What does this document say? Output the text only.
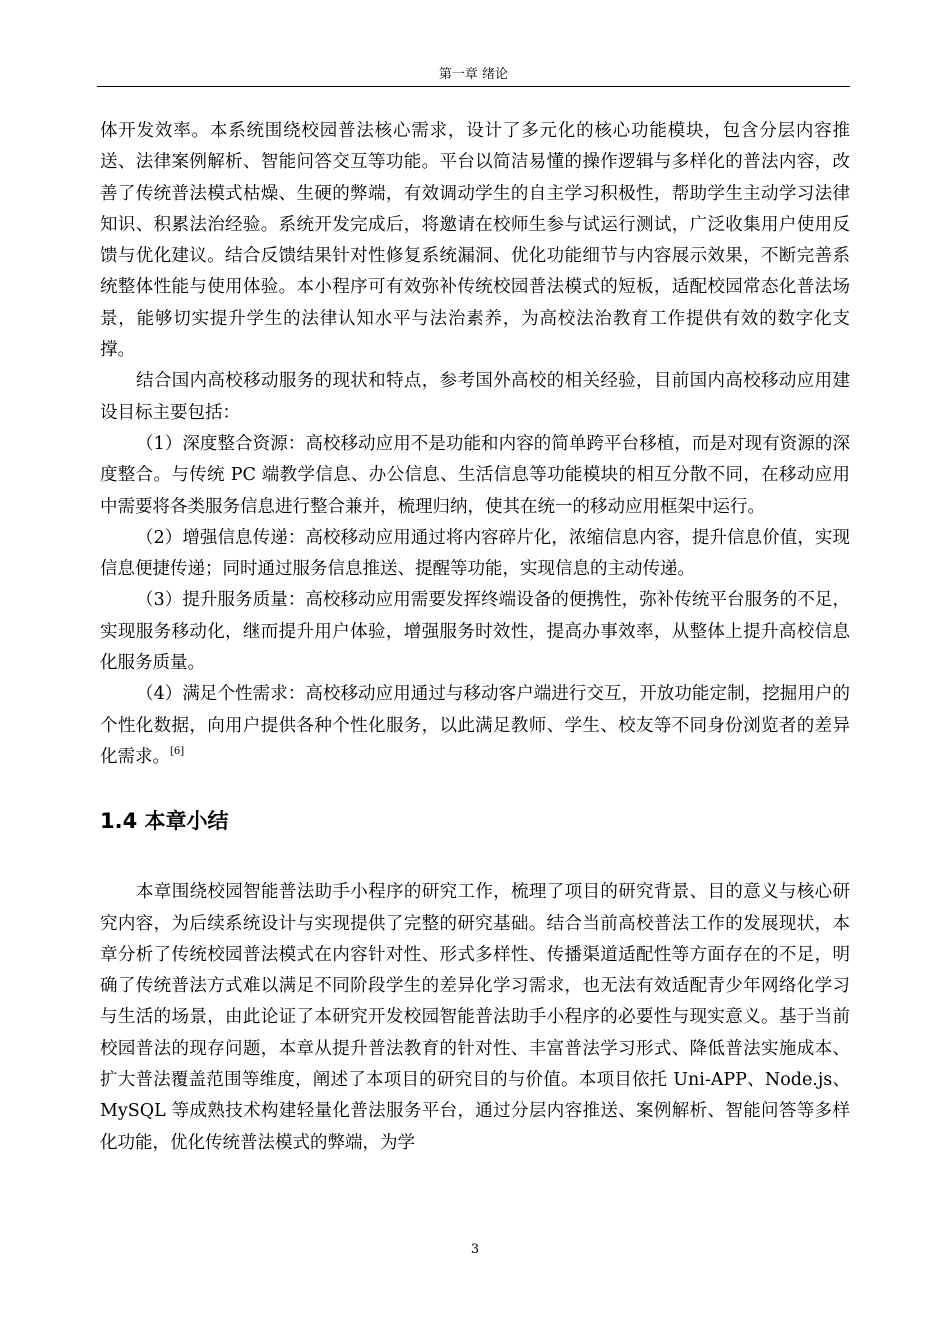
第一章 绪论

体开发效率。本系统围绕校园普法核心需求，设计了多元化的核心功能模块，包含分层内容推送、法律案例解析、智能问答交互等功能。平台以简洁易懂的操作逻辑与多样化的普法内容，改善了传统普法模式枯燥、生硬的弊端，有效调动学生的自主学习积极性，帮助学生主动学习法律知识、积累法治经验。系统开发完成后，将邀请在校师生参与试运行测试，广泛收集用户使用反馈与优化建议。结合反馈结果针对性修复系统漏洞、优化功能细节与内容展示效果，不断完善系统整体性能与使用体验。本小程序可有效弥补传统校园普法模式的短板，适配校园常态化普法场景，能够切实提升学生的法律认知水平与法治素养，为高校法治教育工作提供有效的数字化支撑。

结合国内高校移动服务的现状和特点，参考国外高校的相关经验，目前国内高校移动应用建设目标主要包括：

（1）深度整合资源：高校移动应用不是功能和内容的简单跨平台移植，而是对现有资源的深度整合。与传统 PC 端教学信息、办公信息、生活信息等功能模块的相互分散不同，在移动应用中需要将各类服务信息进行整合兼并，梳理归纳，使其在统一的移动应用框架中运行。

（2）增强信息传递：高校移动应用通过将内容碎片化，浓缩信息内容，提升信息价值，实现信息便捷传递；同时通过服务信息推送、提醒等功能，实现信息的主动传递。

（3）提升服务质量：高校移动应用需要发挥终端设备的便携性，弥补传统平台服务的不足，实现服务移动化，继而提升用户体验，增强服务时效性，提高办事效率，从整体上提升高校信息化服务质量。

（4）满足个性需求：高校移动应用通过与移动客户端进行交互，开放功能定制，挖掘用户的个性化数据，向用户提供各种个性化服务，以此满足教师、学生、校友等不同身份浏览者的差异化需求。[6]

1.4 本章小结

本章围绕校园智能普法助手小程序的研究工作，梳理了项目的研究背景、目的意义与核心研究内容，为后续系统设计与实现提供了完整的研究基础。结合当前高校普法工作的发展现状，本章分析了传统校园普法模式在内容针对性、形式多样性、传播渠道适配性等方面存在的不足，明确了传统普法方式难以满足不同阶段学生的差异化学习需求，也无法有效适配青少年网络化学习与生活的场景，由此论证了本研究开发校园智能普法助手小程序的必要性与现实意义。基于当前校园普法的现存问题，本章从提升普法教育的针对性、丰富普法学习形式、降低普法实施成本、扩大普法覆盖范围等维度，阐述了本项目的研究目的与价值。本项目依托 Uni-APP、Node.js、MySQL 等成熟技术构建轻量化普法服务平台，通过分层内容推送、案例解析、智能问答等多样化功能，优化传统普法模式的弊端，为学

3
